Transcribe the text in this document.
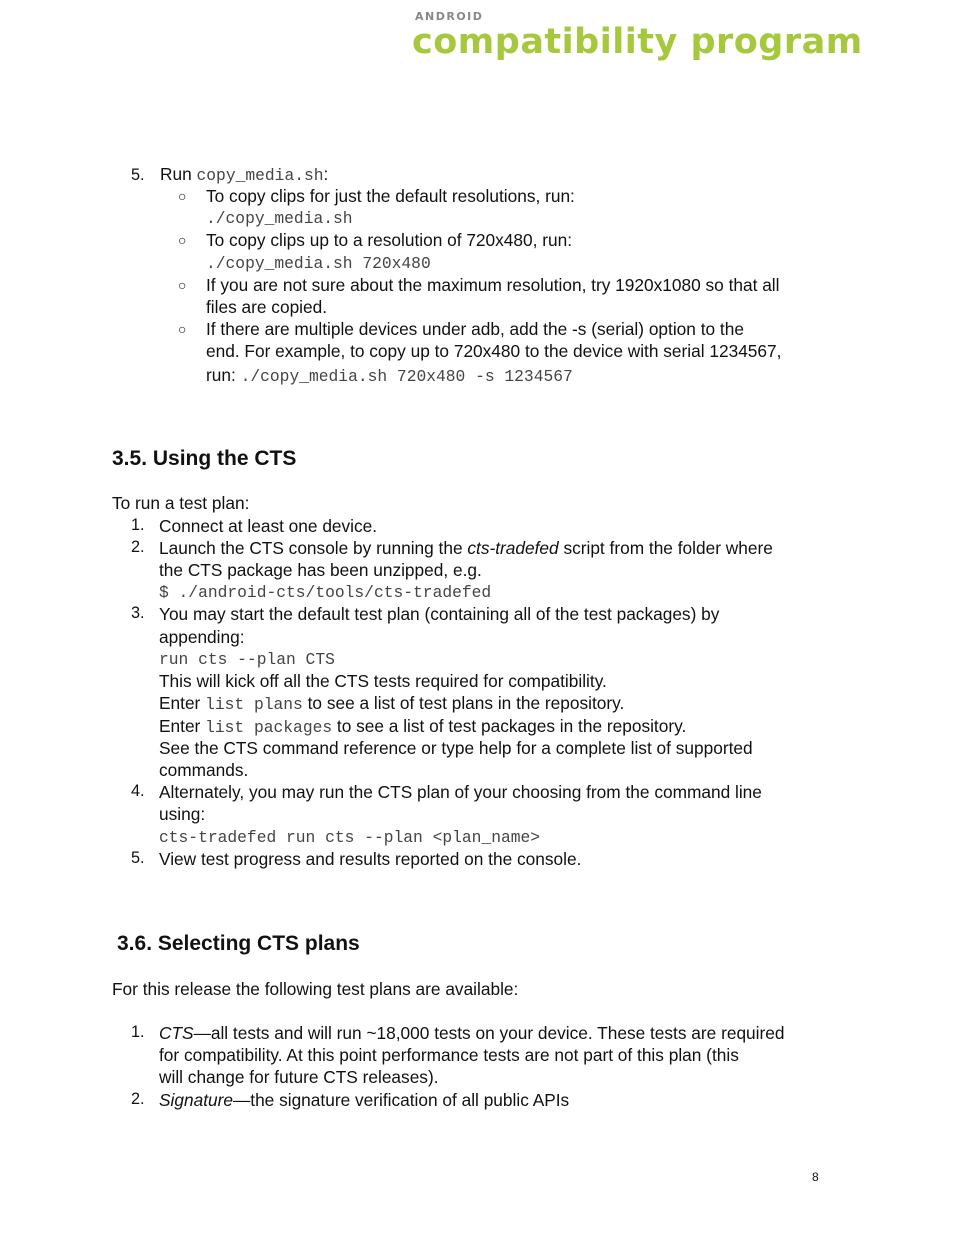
ANDROID
compatibility program
5. Run copy_media.sh:
○ To copy clips for just the default resolutions, run:
./copy_media.sh
○ To copy clips up to a resolution of 720x480, run:
./copy_media.sh 720x480
○ If you are not sure about the maximum resolution, try 1920x1080 so that all
files are copied.
○ If there are multiple devices under adb, add the -s (serial) option to the
end. For example, to copy up to 720x480 to the device with serial 1234567,
run: ./copy_media.sh 720x480 -s 1234567
3.5. Using the CTS
To run a test plan:
1. Connect at least one device.
2. Launch the CTS console by running the cts-tradefed script from the folder where
the CTS package has been unzipped, e.g.
$ ./android-cts/tools/cts-tradefed
3. You may start the default test plan (containing all of the test packages) by
appending:
run cts --plan CTS
This will kick off all the CTS tests required for compatibility.
Enter list plans to see a list of test plans in the repository.
Enter list packages to see a list of test packages in the repository.
See the CTS command reference or type help for a complete list of supported
commands.
4. Alternately, you may run the CTS plan of your choosing from the command line
using:
cts-tradefed run cts --plan <plan_name>
5. View test progress and results reported on the console.
3.6. Selecting CTS plans
For this release the following test plans are available:
1. CTS—all tests and will run ~18,000 tests on your device. These tests are required
for compatibility. At this point performance tests are not part of this plan (this
will change for future CTS releases).
2. Signature—the signature verification of all public APIs
8
